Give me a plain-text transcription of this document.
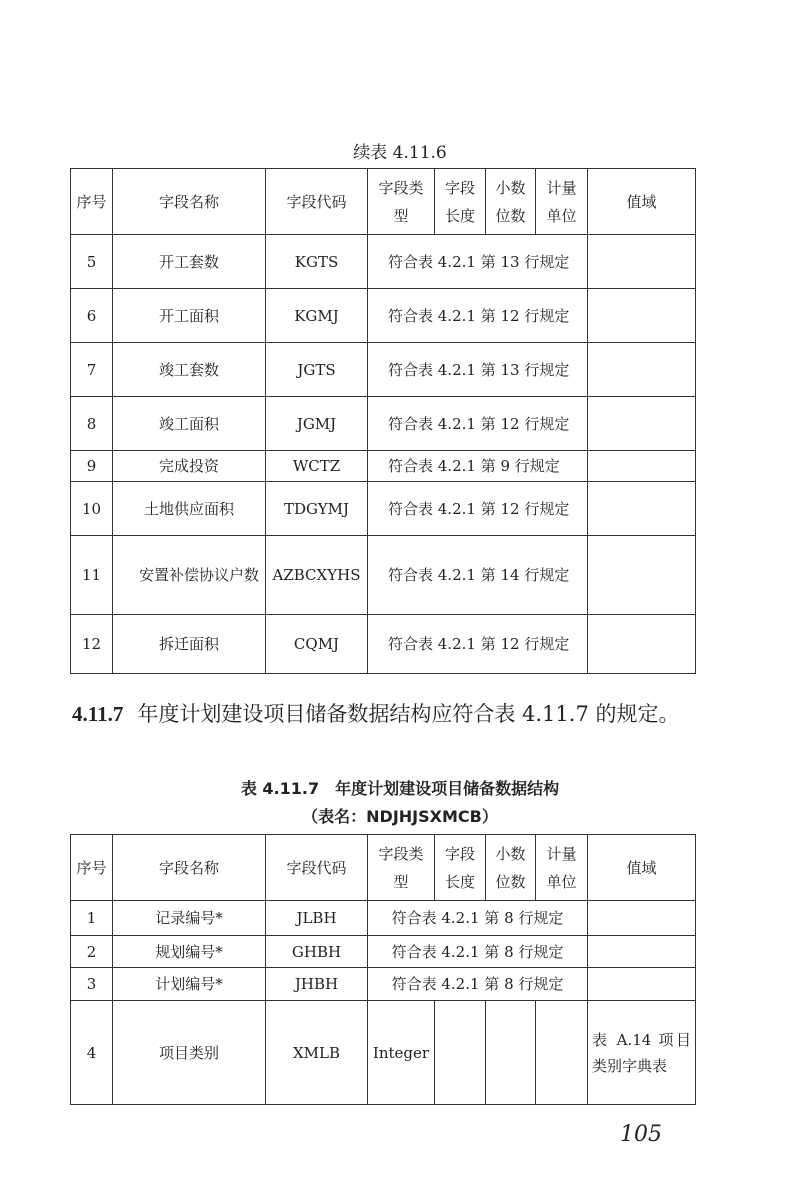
续表 4.11.6
序号	字段名称	字段代码	字段类型	字段长度	小数位数	计量单位	值域
5	开工套数	KGTS	符合表 4.2.1 第 13 行规定				
6	开工面积	KGMJ	符合表 4.2.1 第 12 行规定				
7	竣工套数	JGTS	符合表 4.2.1 第 13 行规定				
8	竣工面积	JGMJ	符合表 4.2.1 第 12 行规定				
9	完成投资	WCTZ	符合表 4.2.1 第 9 行规定				
10	土地供应面积	TDGYMJ	符合表 4.2.1 第 12 行规定				
11	安置补偿协议户数	AZBCXYHS	符合表 4.2.1 第 14 行规定				
12	拆迁面积	CQMJ	符合表 4.2.1 第 12 行规定				
4.11.7 年度计划建设项目储备数据结构应符合表 4.11.7 的规定。
表 4.11.7　年度计划建设项目储备数据结构
（表名：NDJHJSXMCB）
序号	字段名称	字段代码	字段类型	字段长度	小数位数	计量单位	值域
1	记录编号*	JLBH	符合表 4.2.1 第 8 行规定				
2	规划编号*	GHBH	符合表 4.2.1 第 8 行规定				
3	计划编号*	JHBH	符合表 4.2.1 第 8 行规定				
4	项目类别	XMLB	Integer				表 A.14 项目类别字典表
105
